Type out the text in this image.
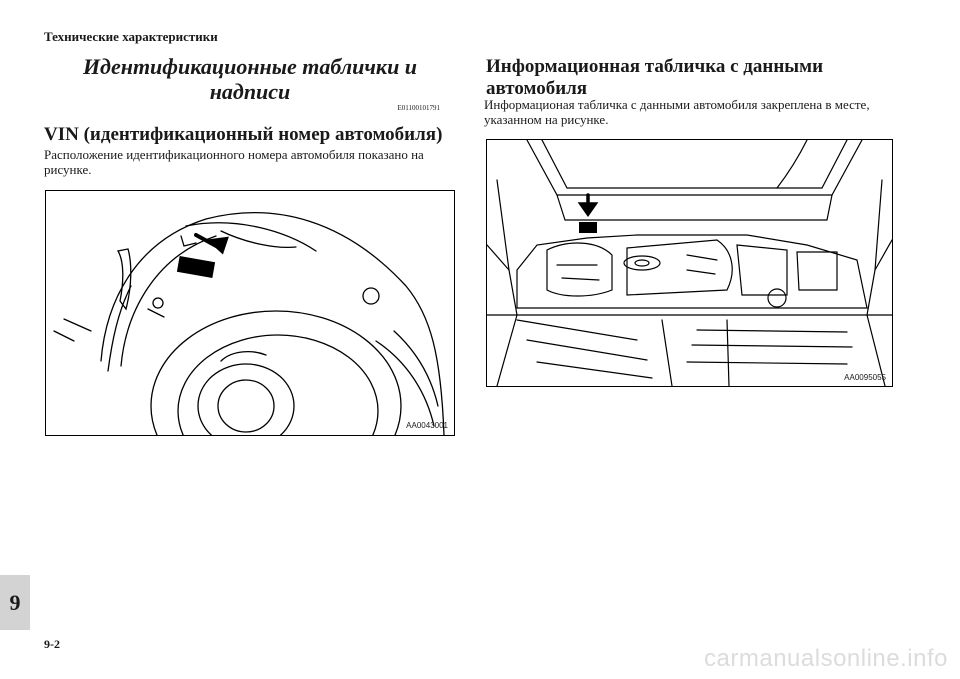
Технические характеристики
Идентификационные таблички и надписи
E01100101791
VIN (идентификационный номер автомобиля)
Расположение идентификационного номера автомобиля показано на рисунке.
AA0043001
Информационная табличка с данными автомобиля
Информационая табличка с данными автомобиля закреплена в месте, указанном на рисунке.
AA0095055
9
9-2
carmanualsonline.info
